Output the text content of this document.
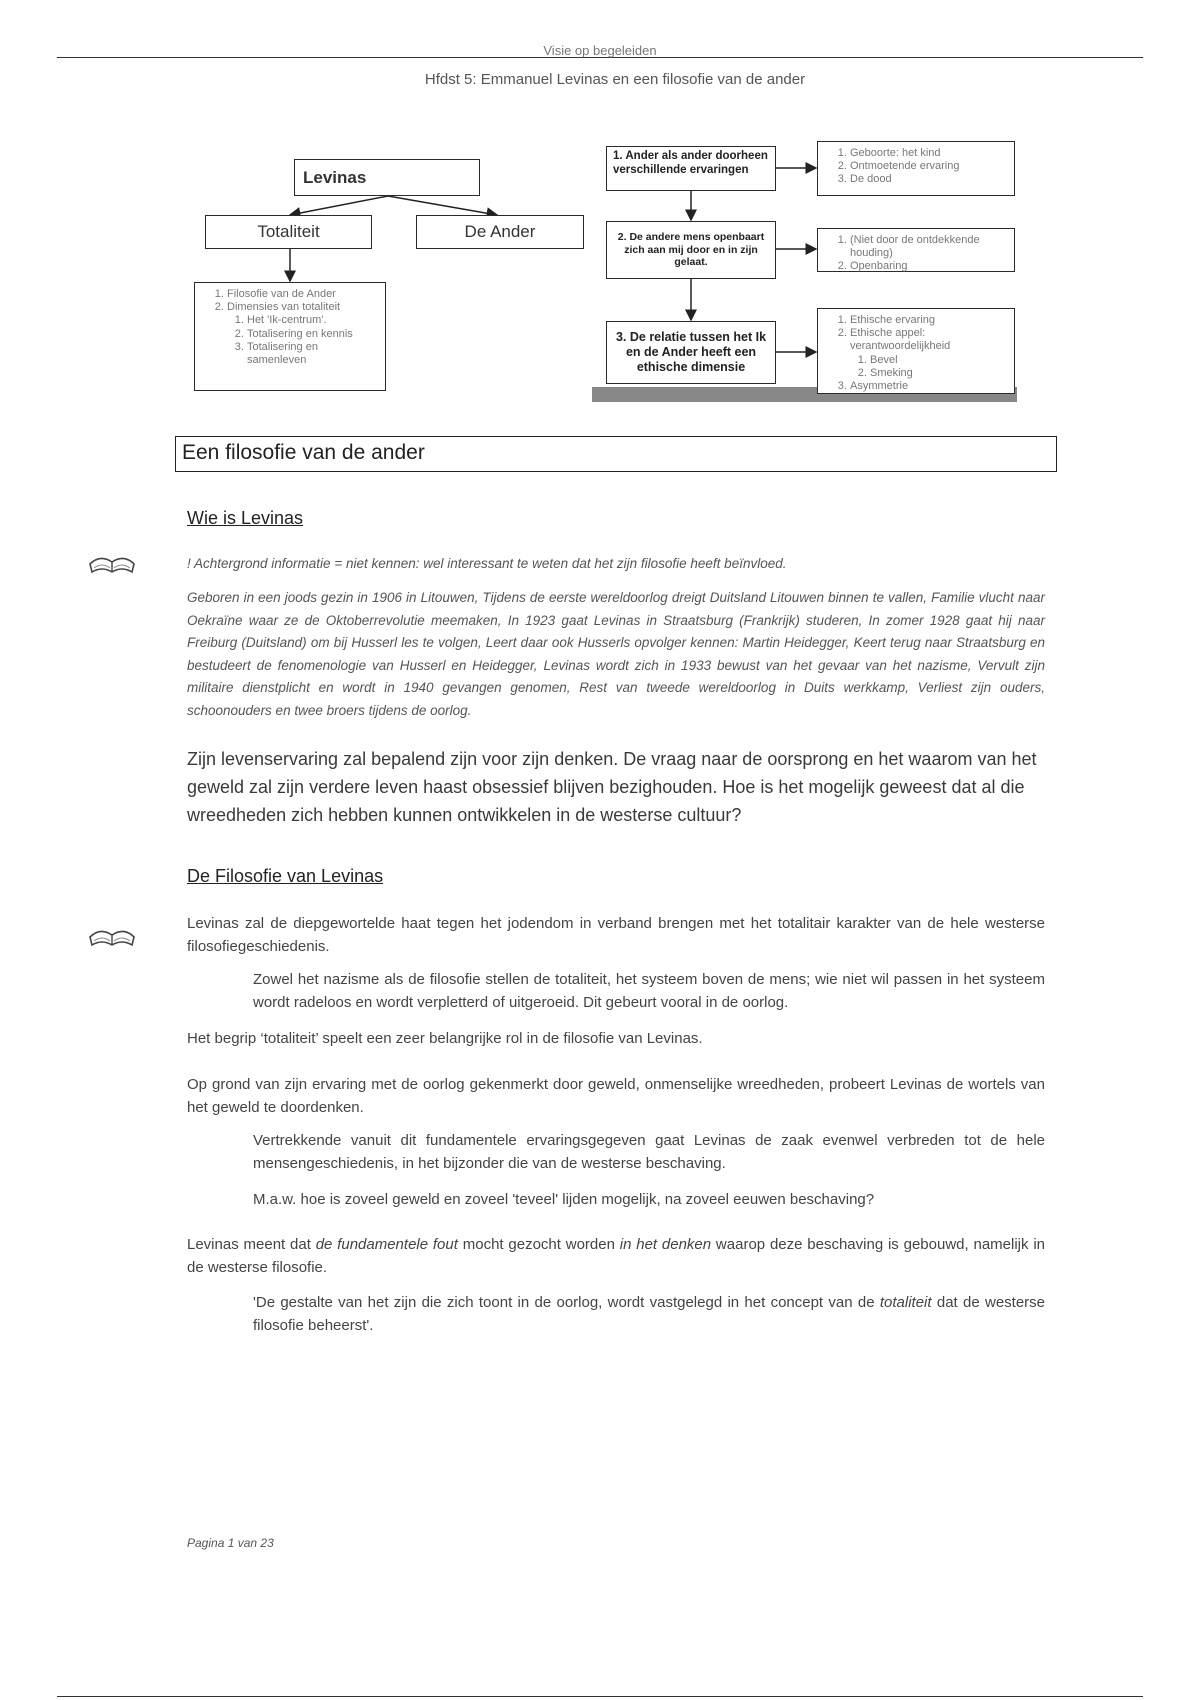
Visie op begeleiden
Hfdst 5: Emmanuel Levinas en een filosofie van de ander
Levinas
Totaliteit	De Ander
1. Filosofie van de Ander
2. Dimensies van totaliteit
1. Het 'Ik-centrum'.
2. Totalisering en kennis
3. Totalisering en samenleven
1. Ander als ander doorheen verschillende ervaringen
1. Geboorte: het kind
2. Ontmoetende ervaring
3. De dood
2. De andere mens openbaart zich aan mij door en in zijn gelaat.
1. (Niet door de ontdekkende houding)
2. Openbaring
3. De relatie tussen het Ik en de Ander heeft een ethische dimensie
1. Ethische ervaring
2. Ethische appel: verantwoordelijkheid
1. Bevel
2. Smeking
3. Asymmetrie
Een filosofie van de ander
Wie is Levinas
! Achtergrond informatie = niet kennen: wel interessant te weten dat het zijn filosofie heeft beïnvloed.
Geboren in een joods gezin in 1906 in Litouwen, Tijdens de eerste wereldoorlog dreigt Duitsland Litouwen binnen te vallen, Familie vlucht naar Oekraïne waar ze de Oktoberrevolutie meemaken, In 1923 gaat Levinas in Straatsburg (Frankrijk) studeren, In zomer 1928 gaat hij naar Freiburg (Duitsland) om bij Husserl les te volgen, Leert daar ook Husserls opvolger kennen: Martin Heidegger, Keert terug naar Straatsburg en bestudeert de fenomenologie van Husserl en Heidegger, Levinas wordt zich in 1933 bewust van het gevaar van het nazisme, Vervult zijn militaire dienstplicht en wordt in 1940 gevangen genomen, Rest van tweede wereldoorlog in Duits werkkamp, Verliest zijn ouders, schoonouders en twee broers tijdens de oorlog.
Zijn levenservaring zal bepalend zijn voor zijn denken. De vraag naar de oorsprong en het waarom van het geweld zal zijn verdere leven haast obsessief blijven bezighouden. Hoe is het mogelijk geweest dat al die wreedheden zich hebben kunnen ontwikkelen in de westerse cultuur?
De Filosofie van Levinas
Levinas zal de diepgewortelde haat tegen het jodendom in verband brengen met het totalitair karakter van de hele westerse filosofiegeschiedenis.
Zowel het nazisme als de filosofie stellen de totaliteit, het systeem boven de mens; wie niet wil passen in het systeem wordt radeloos en wordt verpletterd of uitgeroeid. Dit gebeurt vooral in de oorlog.
Het begrip ‘totaliteit’ speelt een zeer belangrijke rol in de filosofie van Levinas.
Op grond van zijn ervaring met de oorlog gekenmerkt door geweld, onmenselijke wreedheden, probeert Levinas de wortels van het geweld te doordenken.
Vertrekkende vanuit dit fundamentele ervaringsgegeven gaat Levinas de zaak evenwel verbreden tot de hele mensengeschiedenis, in het bijzonder die van de westerse beschaving.
M.a.w. hoe is zoveel geweld en zoveel 'teveel' lijden mogelijk, na zoveel eeuwen beschaving?
Levinas meent dat de fundamentele fout mocht gezocht worden in het denken waarop deze beschaving is gebouwd, namelijk in de westerse filosofie.
'De gestalte van het zijn die zich toont in de oorlog, wordt vastgelegd in het concept van de totaliteit dat de westerse filosofie beheerst'.
Pagina 1 van 23
